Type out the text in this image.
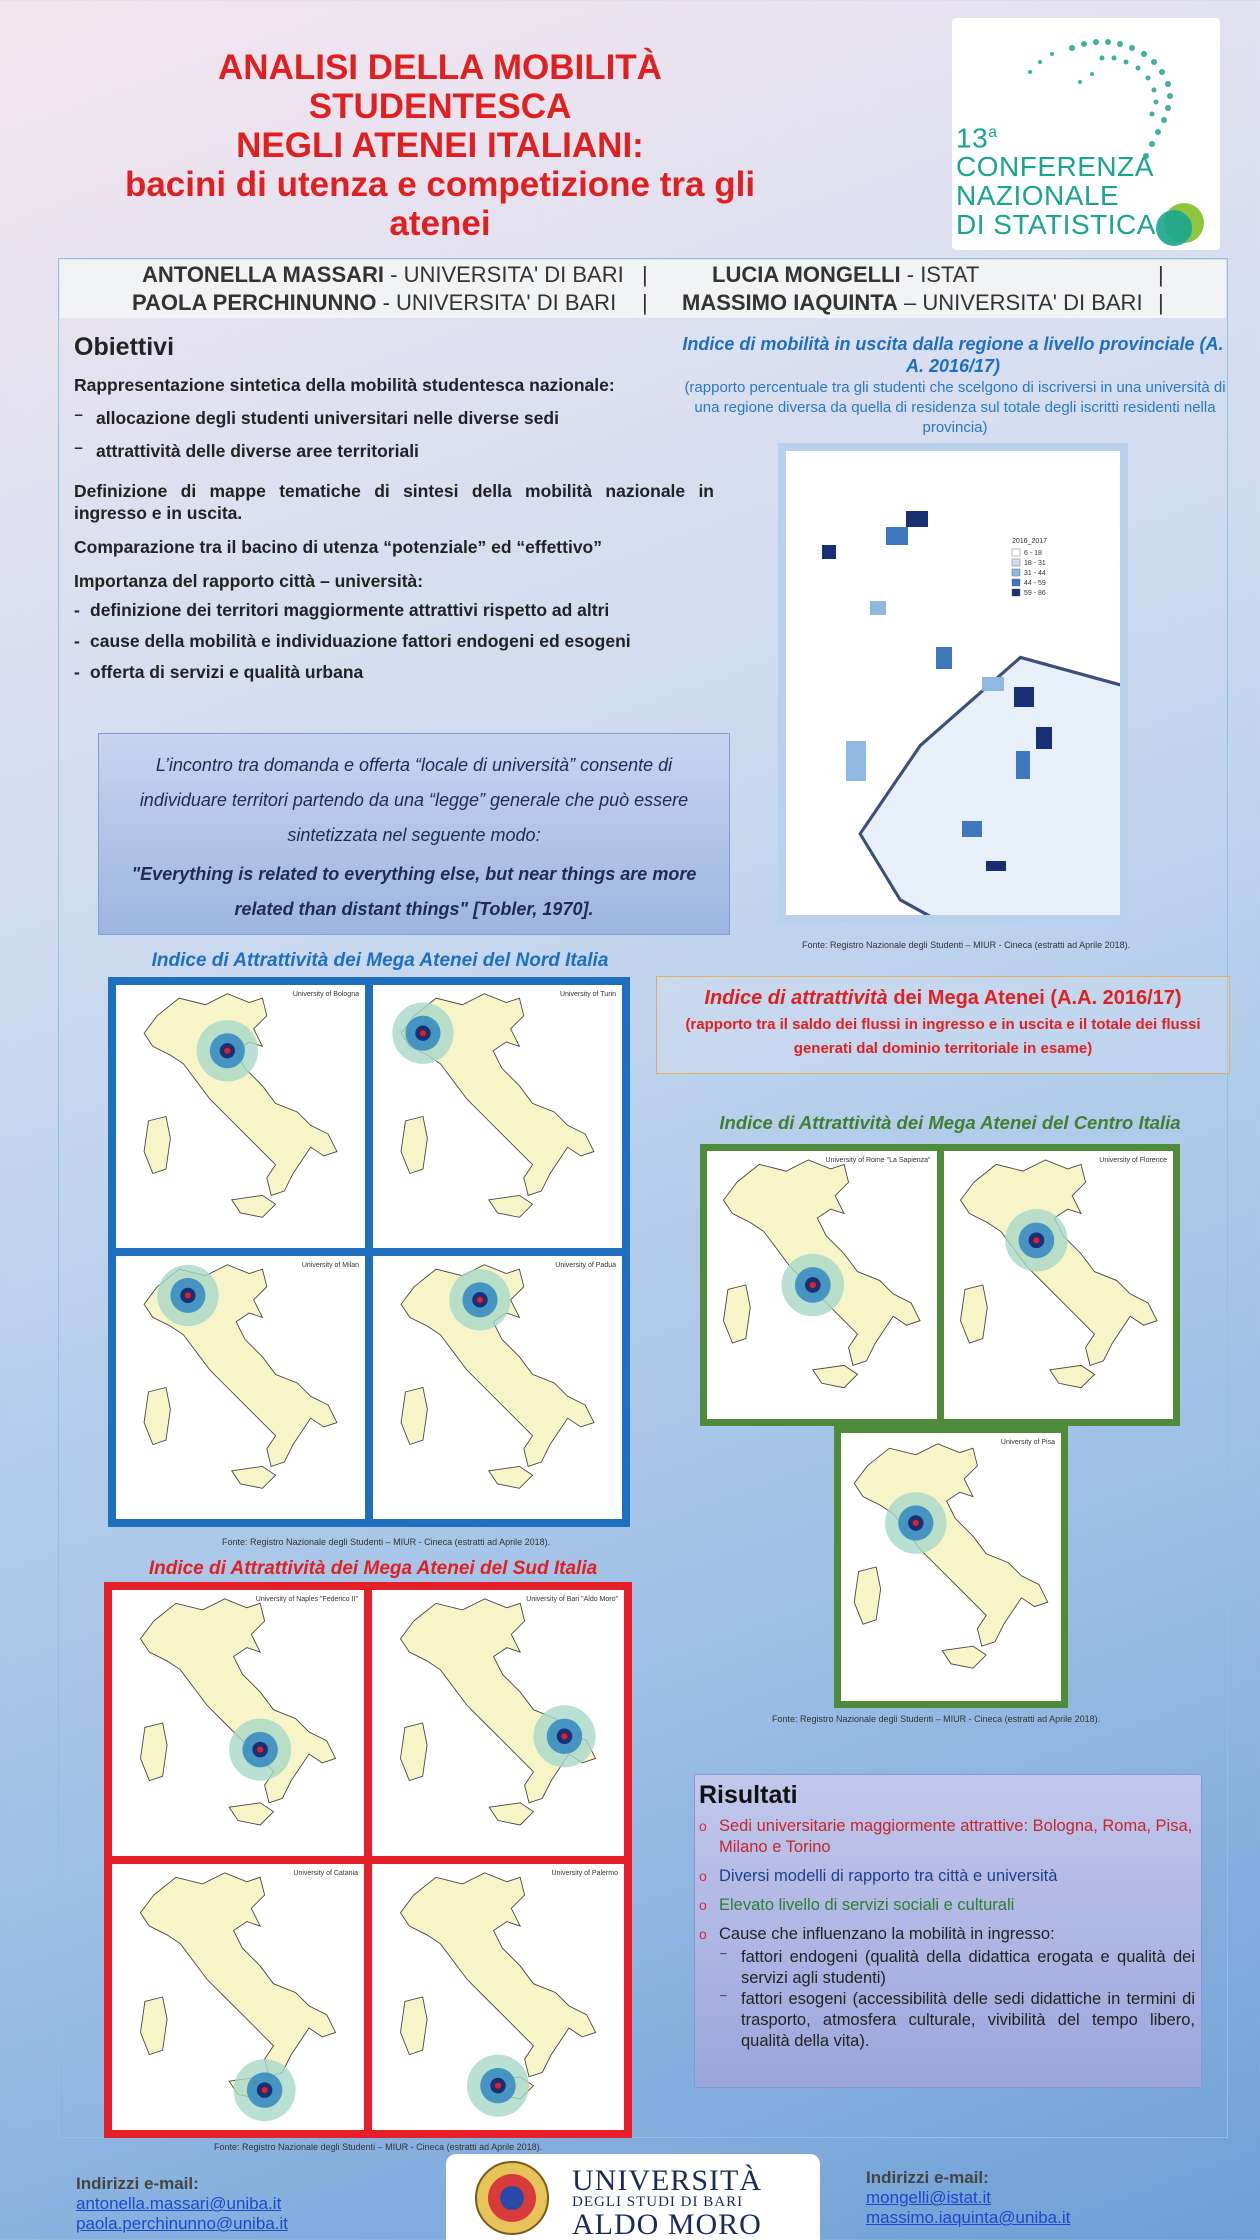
ANALISI DELLA MOBILITÀ STUDENTESCA
NEGLI ATENEI ITALIANI:
bacini di utenza e competizione tra gli
atenei
13$^a$
CONFERENZA
NAZIONALE
DI STATISTICA
ANTONELLA MASSARI - UNIVERSITA' DI BARI |	LUCIA MONGELLI - ISTAT	|
PAOLA PERCHINUNNO - UNIVERSITA' DI BARI | MASSIMO IAQUINTA – UNIVERSITA' DI BARI |
Obiettivi

Rappresentazione sintetica della mobilità studentesca nazionale:

⁻ allocazione degli studenti universitari nelle diverse sedi
⁻ attrattività delle diverse aree territoriali

Definizione di mappe tematiche di sintesi della mobilità nazionale in ingresso e in uscita.

Comparazione tra il bacino di utenza “potenziale” ed “effettivo”

Importanza del rapporto città – università:

- definizione dei territori maggiormente attrattivi rispetto ad altri
- cause della mobilità e individuazione fattori endogeni ed esogeni
- offerta di servizi e qualità urbana
L’incontro tra domanda e offerta “locale di università” consente di individuare territori partendo da una “legge” generale che può essere sintetizzata nel seguente modo:
"Everything is related to everything else, but near things are more related than distant things" [Tobler, 1970].
Indice di mobilità in uscita dalla regione a livello provinciale (A. A. 2016/17)
(rapporto percentuale tra gli studenti che scelgono di iscriversi in una università di una regione diversa da quella di residenza sul totale degli iscritti residenti nella provincia)
2016_2017
6 - 18
18 - 31
31 - 44
44 - 59
59 - 86
Fonte: Registro Nazionale degli Studenti – MIUR - Cineca (estratti ad Aprile 2018).
Indice di Attrattività dei Mega Atenei del Nord Italia
University of Bologna	University of Turin
University of Milan	University of Padua
Fonte: Registro Nazionale degli Studenti – MIUR - Cineca (estratti ad Aprile 2018).
Indice di attrattività dei Mega Atenei (A.A. 2016/17)
(rapporto tra il saldo dei flussi in ingresso e in uscita e il totale dei flussi generati dal dominio territoriale in esame)
Indice di Attrattività dei Mega Atenei del Centro Italia
University of Rome "La Sapienza"	University of Florence
University of Pisa
Fonte: Registro Nazionale degli Studenti – MIUR - Cineca (estratti ad Aprile 2018).
Indice di Attrattività dei Mega Atenei del Sud Italia
University of Naples "Federico II"	University of Bari "Aldo Moro"
University of Catania	University of Palermo
Fonte: Registro Nazionale degli Studenti – MIUR - Cineca (estratti ad Aprile 2018).
Risultati
o Sedi universitarie maggiormente attrattive: Bologna, Roma, Pisa, Milano e Torino
o Diversi modelli di rapporto tra città e università
o Elevato livello di servizi sociali e culturali
o Cause che influenzano la mobilità in ingresso:
⁻ fattori endogeni (qualità della didattica erogata e qualità dei servizi agli studenti)
⁻ fattori esogeni (accessibilità delle sedi didattiche in termini di trasporto, atmosfera culturale, vivibilità del tempo libero, qualità della vita).
Indirizzi e-mail:
antonella.massari@uniba.it
paola.perchinunno@uniba.it
UNIVERSITÀ
DEGLI STUDI DI BARI
ALDO MORO
Indirizzi e-mail:
mongelli@istat.it
massimo.iaquinta@uniba.it
